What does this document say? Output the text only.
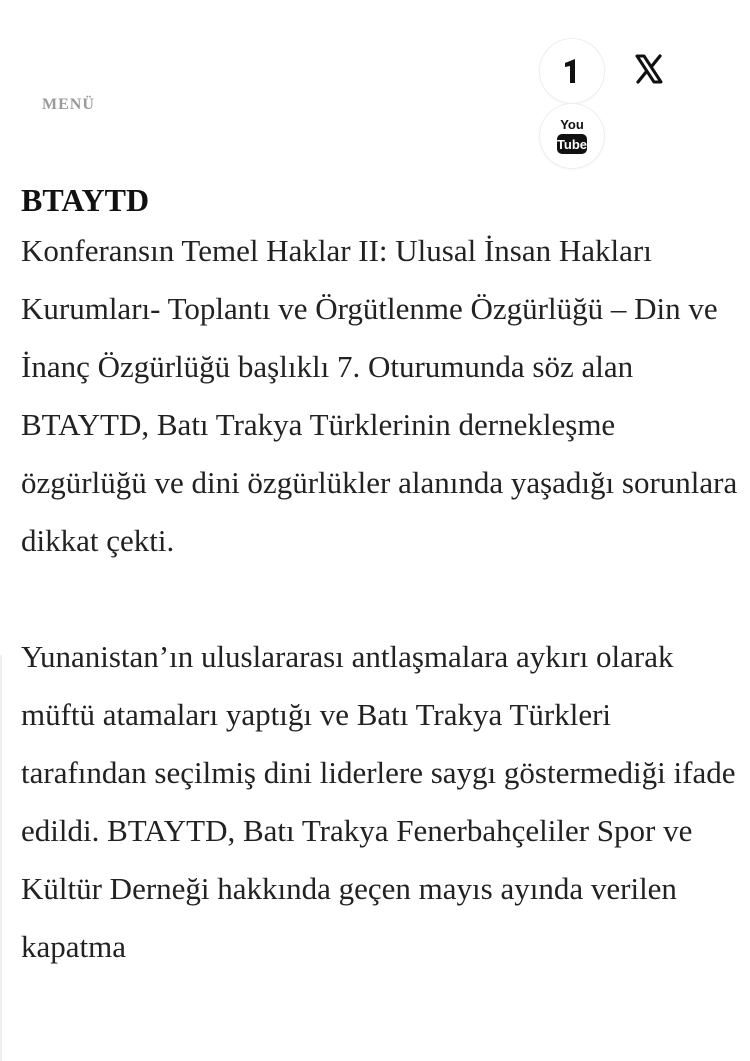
MENÜ
You
Tube
BTAYTD

Konferansın Temel Haklar II: Ulusal İnsan Hakları Kurumları- Toplantı ve Örgütlenme Özgürlüğü – Din ve İnanç Özgürlüğü başlıklı 7. Oturumunda söz alan BTAYTD, Batı Trakya Türklerinin dernekleşme özgürlüğü ve dini özgürlükler alanında yaşadığı sorunlara dikkat çekti.

Yunanistan’ın uluslararası antlaşmalara aykırı olarak müftü atamaları yaptığı ve Batı Trakya Türkleri tarafından seçilmiş dini liderlere saygı göstermediği ifade edildi. BTAYTD, Batı Trakya Fenerbahçeliler Spor ve Kültür Derneği hakkında geçen mayıs ayında verilen kapatma
